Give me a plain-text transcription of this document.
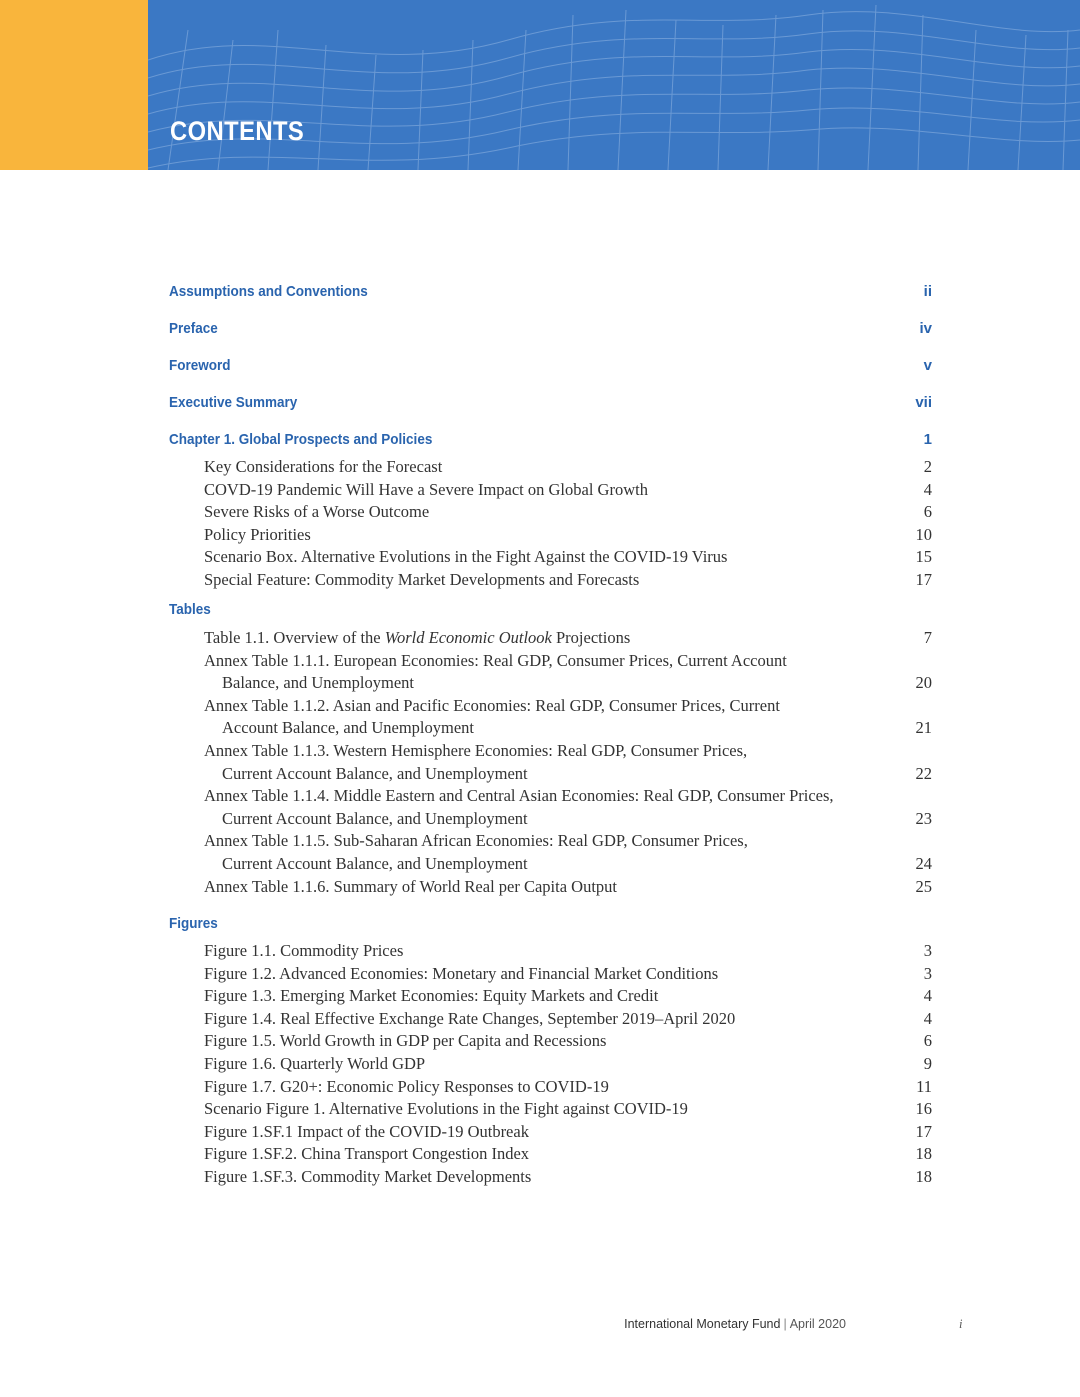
CONTENTS
Assumptions and Conventions	ii
Preface	iv
Foreword	v
Executive Summary	vii
Chapter 1. Global Prospects and Policies	1
Key Considerations for the Forecast	2
COVD-19 Pandemic Will Have a Severe Impact on Global Growth	4
Severe Risks of a Worse Outcome	6
Policy Priorities	10
Scenario Box. Alternative Evolutions in the Fight Against the COVID-19 Virus	15
Special Feature: Commodity Market Developments and Forecasts	17
Tables
Table 1.1. Overview of the World Economic Outlook Projections	7
Annex Table 1.1.1. European Economies: Real GDP, Consumer Prices, Current Account
Balance, and Unemployment	20
Annex Table 1.1.2. Asian and Pacific Economies: Real GDP, Consumer Prices, Current
Account Balance, and Unemployment	21
Annex Table 1.1.3. Western Hemisphere Economies: Real GDP, Consumer Prices,
Current Account Balance, and Unemployment	22
Annex Table 1.1.4. Middle Eastern and Central Asian Economies: Real GDP, Consumer Prices,
Current Account Balance, and Unemployment	23
Annex Table 1.1.5. Sub-Saharan African Economies: Real GDP, Consumer Prices,
Current Account Balance, and Unemployment	24
Annex Table 1.1.6. Summary of World Real per Capita Output	25
Figures
Figure 1.1. Commodity Prices	3
Figure 1.2. Advanced Economies: Monetary and Financial Market Conditions	3
Figure 1.3. Emerging Market Economies: Equity Markets and Credit	4
Figure 1.4. Real Effective Exchange Rate Changes, September 2019–April 2020	4
Figure 1.5. World Growth in GDP per Capita and Recessions	6
Figure 1.6. Quarterly World GDP	9
Figure 1.7. G20+: Economic Policy Responses to COVID-19	11
Scenario Figure 1. Alternative Evolutions in the Fight against COVID-19	16
Figure 1.SF.1 Impact of the COVID-19 Outbreak	17
Figure 1.SF.2. China Transport Congestion Index	18
Figure 1.SF.3. Commodity Market Developments	18
International Monetary Fund | April 2020	i
